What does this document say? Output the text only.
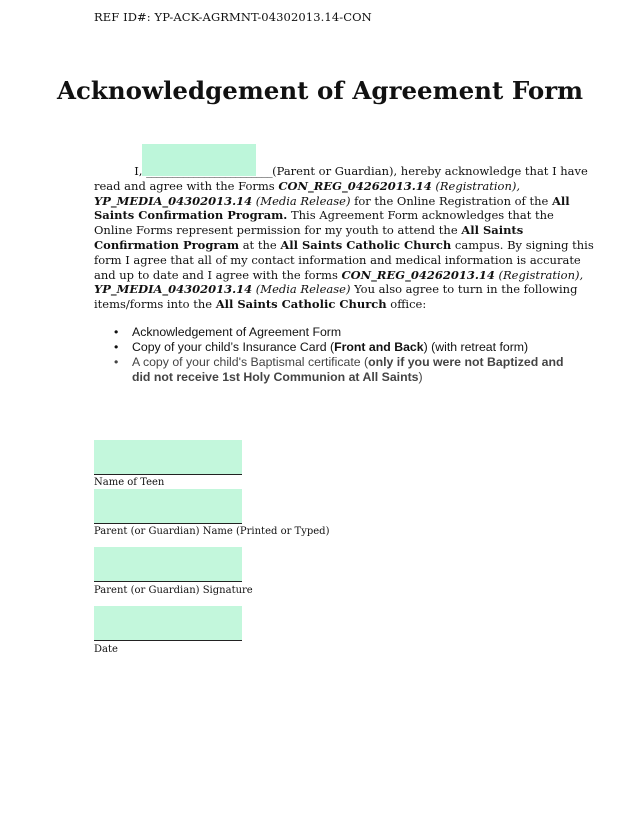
REF ID#: YP-ACK-AGRMNT-04302013.14-CON
Acknowledgement of Agreement Form
    I, ________________________(Parent or Guardian), hereby acknowledge that I have
read and agree with the Forms CON_REG_04262013.14 (Registration),
YP_MEDIA_04302013.14 (Media Release) for the Online Registration of the All
Saints Confirmation Program. This Agreement Form acknowledges that the
Online Forms represent permission for my youth to attend the All Saints
Confirmation Program at the All Saints Catholic Church campus. By signing this
form I agree that all of my contact information and medical information is accurate
and up to date and I agree with the forms CON_REG_04262013.14 (Registration),
YP_MEDIA_04302013.14 (Media Release) You also agree to turn in the following
items/forms into the All Saints Catholic Church office:
• Acknowledgement of Agreement Form
• Copy of your child’s Insurance Card (Front and Back) (with retreat form)
• A copy of your child's Baptismal certificate (only if you were not Baptized and did not receive 1st Holy Communion at All Saints)
Name of Teen
Parent (or Guardian) Name (Printed or Typed)
Parent (or Guardian) Signature
Date
